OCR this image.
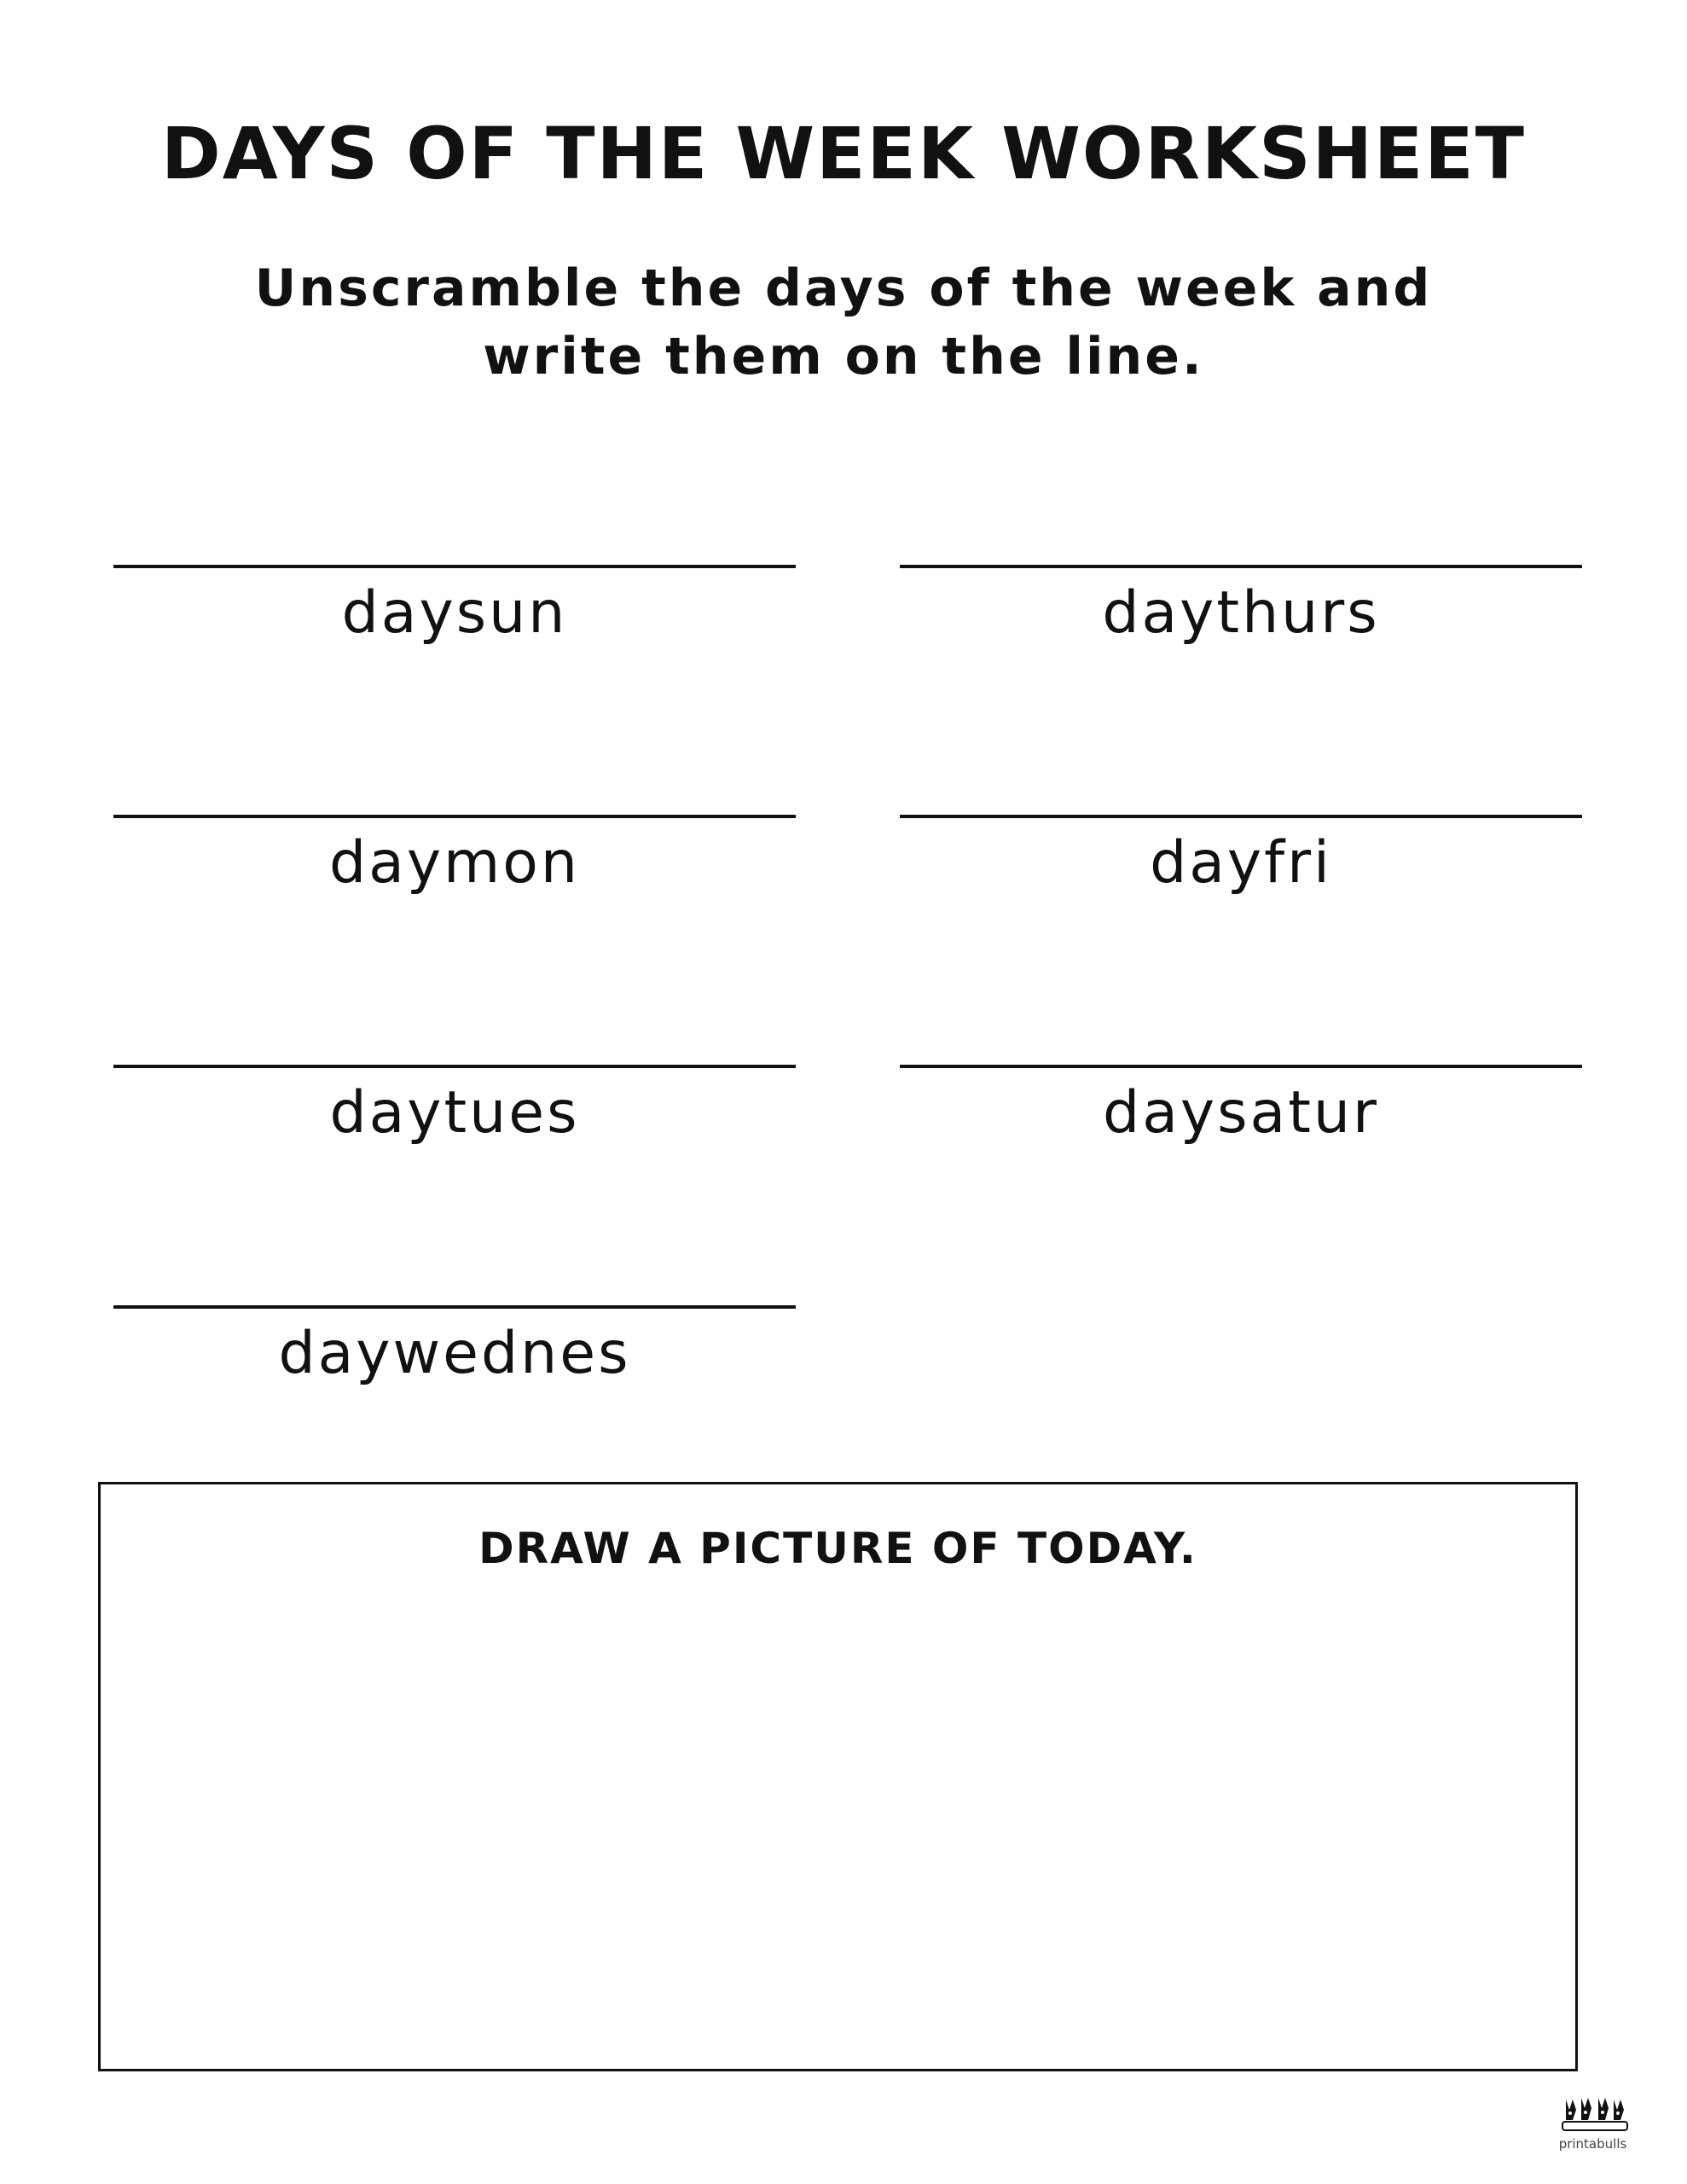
DAYS OF THE WEEK WORKSHEET
Unscramble the days of the week and
write them on the line.
daysun	daythurs
daymon	dayfri
daytues	daysatur
daywednes
DRAW A PICTURE OF TODAY.
printabulls
